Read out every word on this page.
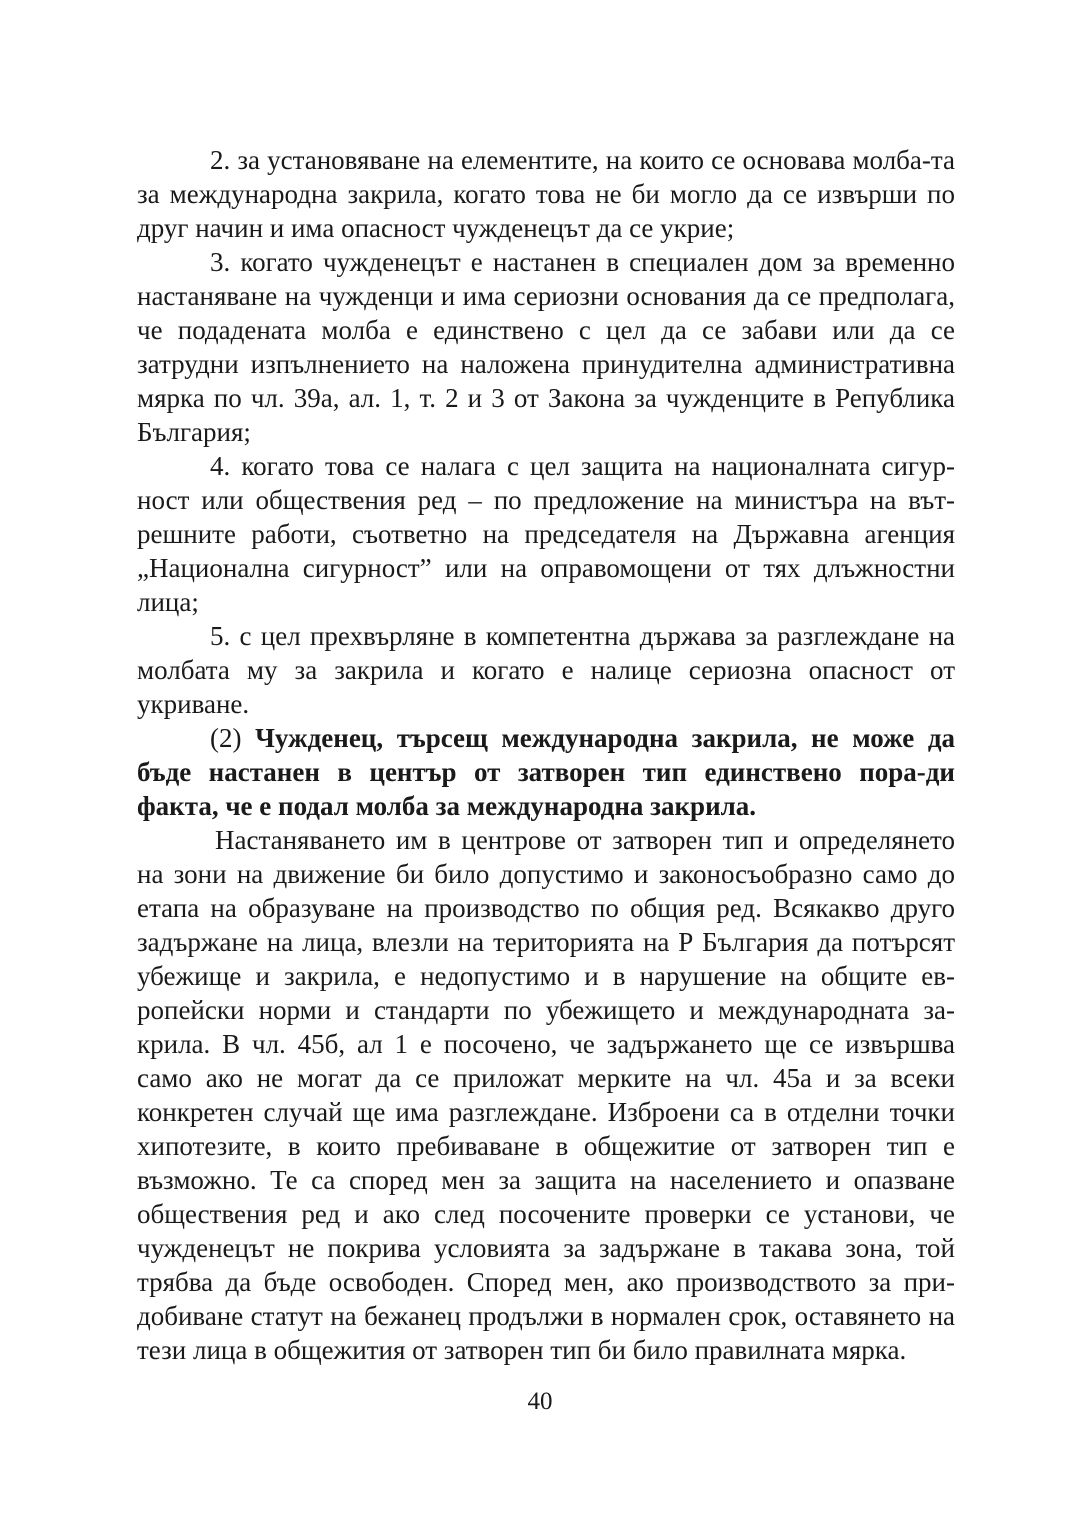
2. за установяване на елементите, на които се основава молба-та за международна закрила, когато това не би могло да се извърши по друг начин и има опасност чужденецът да се укрие;

3. когато чужденецът е настанен в специален дом за временно настаняване на чужденци и има сериозни основания да се предполага, че подадената молба е единствено с цел да се забави или да се затрудни изпълнението на наложена принудителна административна мярка по чл. 39а, ал. 1, т. 2 и 3 от Закона за чужденците в Република България;

4. когато това се налага с цел защита на националната сигур-ност или обществения ред – по предложение на министъра на вът-решните работи, съответно на председателя на Държавна агенция „Национална сигурност” или на оправомощени от тях длъжностни лица;

5. с цел прехвърляне в компетентна държава за разглеждане на молбата му за закрила и когато е налице сериозна опасност от укриване.

(2) Чужденец, търсещ международна закрила, не може да бъде настанен в център от затворен тип единствено пора-ди факта, че е подал молба за международна закрила.

Настаняването им в центрове от затворен тип и определянето на зони на движение би било допустимо и законосъобразно само до етапа на образуване на производство по общия ред. Всякакво друго задържане на лица, влезли на територията на Р България да потърсят убежище и закрила, е недопустимо и в нарушение на общите ев-ропейски норми и стандарти по убежището и международната за-крила. В чл. 45б, ал 1 е посочено, че задържането ще се извършва само ако не могат да се приложат мерките на чл. 45а и за всеки конкретен случай ще има разглеждане. Изброени са в отделни точки хипотезите, в които пребиваване в общежитие от затворен тип е възможно. Те са според мен за защита на населението и опазване обществения ред и ако след посочените проверки се установи, че чужденецът не покрива условията за задържане в такава зона, той трябва да бъде освободен. Според мен, ако производството за при-добиване статут на бежанец продължи в нормален срок, оставянето на тези лица в общежития от затворен тип би било правилната мярка.

40
